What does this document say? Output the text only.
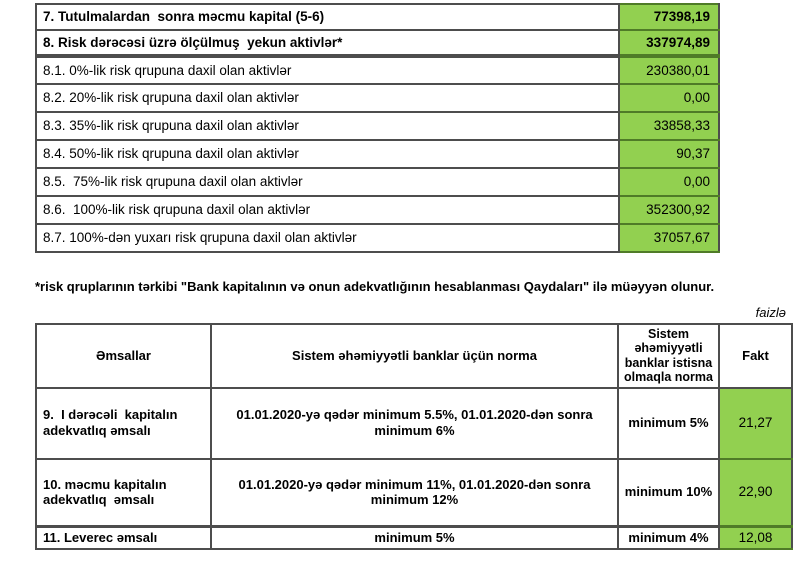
7. Tutulmalardan  sonra məcmu kapital (5-6)	77398,19
8. Risk dərəcəsi üzrə ölçülmuş  yekun aktivlər*	337974,89
8.1. 0%-lik risk qrupuna daxil olan aktivlər	230380,01
8.2. 20%-lik risk qrupuna daxil olan aktivlər	0,00
8.3. 35%-lik risk qrupuna daxil olan aktivlər	33858,33
8.4. 50%-lik risk qrupuna daxil olan aktivlər	90,37
8.5.  75%-lik risk qrupuna daxil olan aktivlər	0,00
8.6.  100%-lik risk qrupuna daxil olan aktivlər	352300,92
8.7. 100%-dən yuxarı risk qrupuna daxil olan aktivlər	37057,67
*risk qruplarının tərkibi "Bank kapitalının və onun adekvatlığının hesablanması Qaydaları" ilə müəyyən olunur.
faizlə
Əmsallar	Sistem əhəmiyyətli banklar üçün norma	Sistem əhəmiyyətli banklar istisna olmaqla norma	Fakt
9.  I dərəcəli  kapitalın adekvatlıq əmsalı	01.01.2020-yə qədər minimum 5.5%, 01.01.2020-dən sonra minimum 6%	minimum 5%	21,27
10. məcmu kapitalın adekvatlıq  əmsalı	01.01.2020-yə qədər minimum 11%, 01.01.2020-dən sonra minimum 12%	minimum 10%	22,90
11. Leverec əmsalı	minimum 5%	minimum 4%	12,08
